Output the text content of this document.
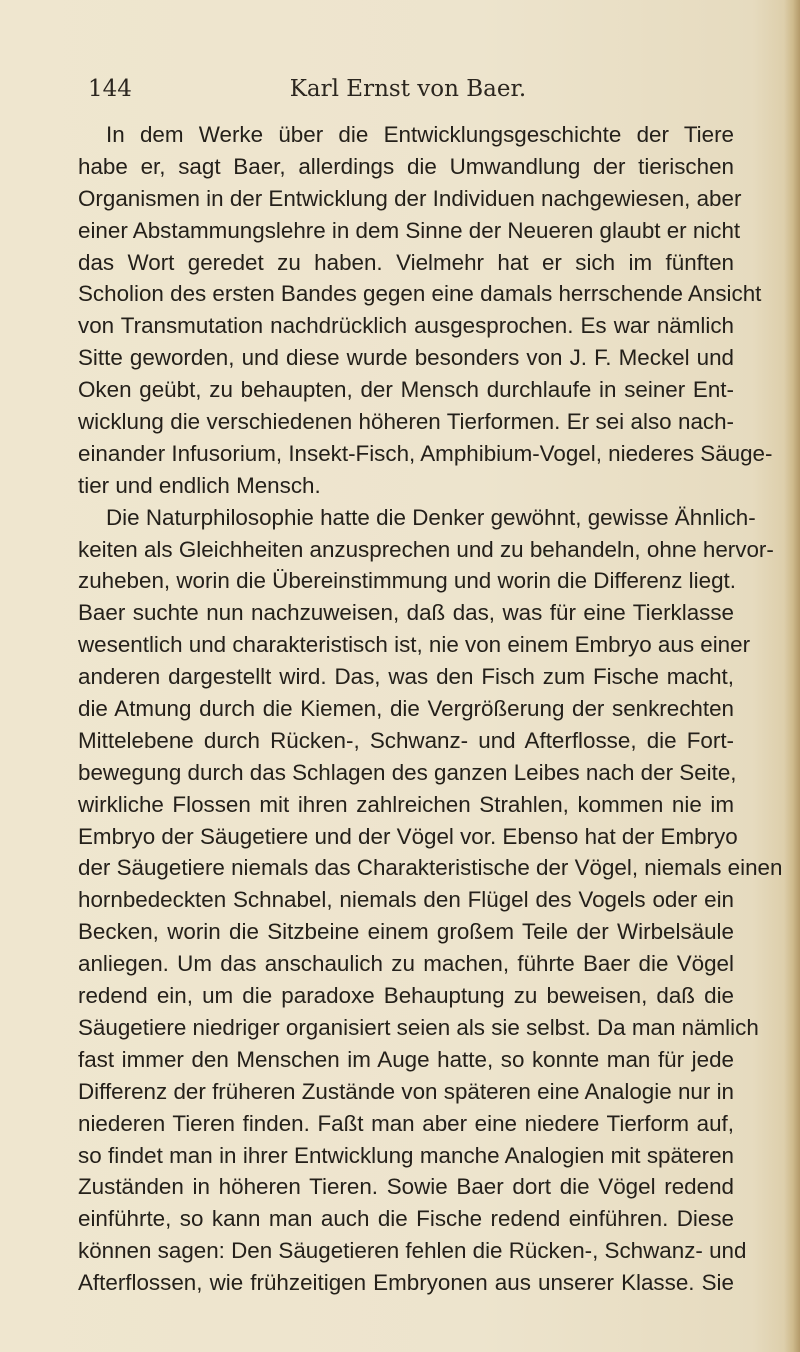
144	Karl Ernst von Baer.
In dem Werke über die Entwicklungsgeschichte der Tiere
habe er, sagt Baer, allerdings die Umwandlung der tierischen
Organismen in der Entwicklung der Individuen nachgewiesen, aber
einer Abstammungslehre in dem Sinne der Neueren glaubt er nicht
das Wort geredet zu haben. Vielmehr hat er sich im fünften
Scholion des ersten Bandes gegen eine damals herrschende Ansicht
von Transmutation nachdrücklich ausgesprochen. Es war nämlich
Sitte geworden, und diese wurde besonders von J. F. Meckel und
Oken geübt, zu behaupten, der Mensch durchlaufe in seiner Ent-
wicklung die verschiedenen höheren Tierformen. Er sei also nach-
einander Infusorium, Insekt-Fisch, Amphibium-Vogel, niederes Säuge-
tier und endlich Mensch.
Die Naturphilosophie hatte die Denker gewöhnt, gewisse Ähnlich-
keiten als Gleichheiten anzusprechen und zu behandeln, ohne hervor-
zuheben, worin die Übereinstimmung und worin die Differenz liegt.
Baer suchte nun nachzuweisen, daß das, was für eine Tierklasse
wesentlich und charakteristisch ist, nie von einem Embryo aus einer
anderen dargestellt wird. Das, was den Fisch zum Fische macht,
die Atmung durch die Kiemen, die Vergrößerung der senkrechten
Mittelebene durch Rücken-, Schwanz- und Afterflosse, die Fort-
bewegung durch das Schlagen des ganzen Leibes nach der Seite,
wirkliche Flossen mit ihren zahlreichen Strahlen, kommen nie im
Embryo der Säugetiere und der Vögel vor. Ebenso hat der Embryo
der Säugetiere niemals das Charakteristische der Vögel, niemals einen
hornbedeckten Schnabel, niemals den Flügel des Vogels oder ein
Becken, worin die Sitzbeine einem großem Teile der Wirbelsäule
anliegen. Um das anschaulich zu machen, führte Baer die Vögel
redend ein, um die paradoxe Behauptung zu beweisen, daß die
Säugetiere niedriger organisiert seien als sie selbst. Da man nämlich
fast immer den Menschen im Auge hatte, so konnte man für jede
Differenz der früheren Zustände von späteren eine Analogie nur in
niederen Tieren finden. Faßt man aber eine niedere Tierform auf,
so findet man in ihrer Entwicklung manche Analogien mit späteren
Zuständen in höheren Tieren. Sowie Baer dort die Vögel redend
einführte, so kann man auch die Fische redend einführen. Diese
können sagen: Den Säugetieren fehlen die Rücken-, Schwanz- und
Afterflossen, wie frühzeitigen Embryonen aus unserer Klasse. Sie
